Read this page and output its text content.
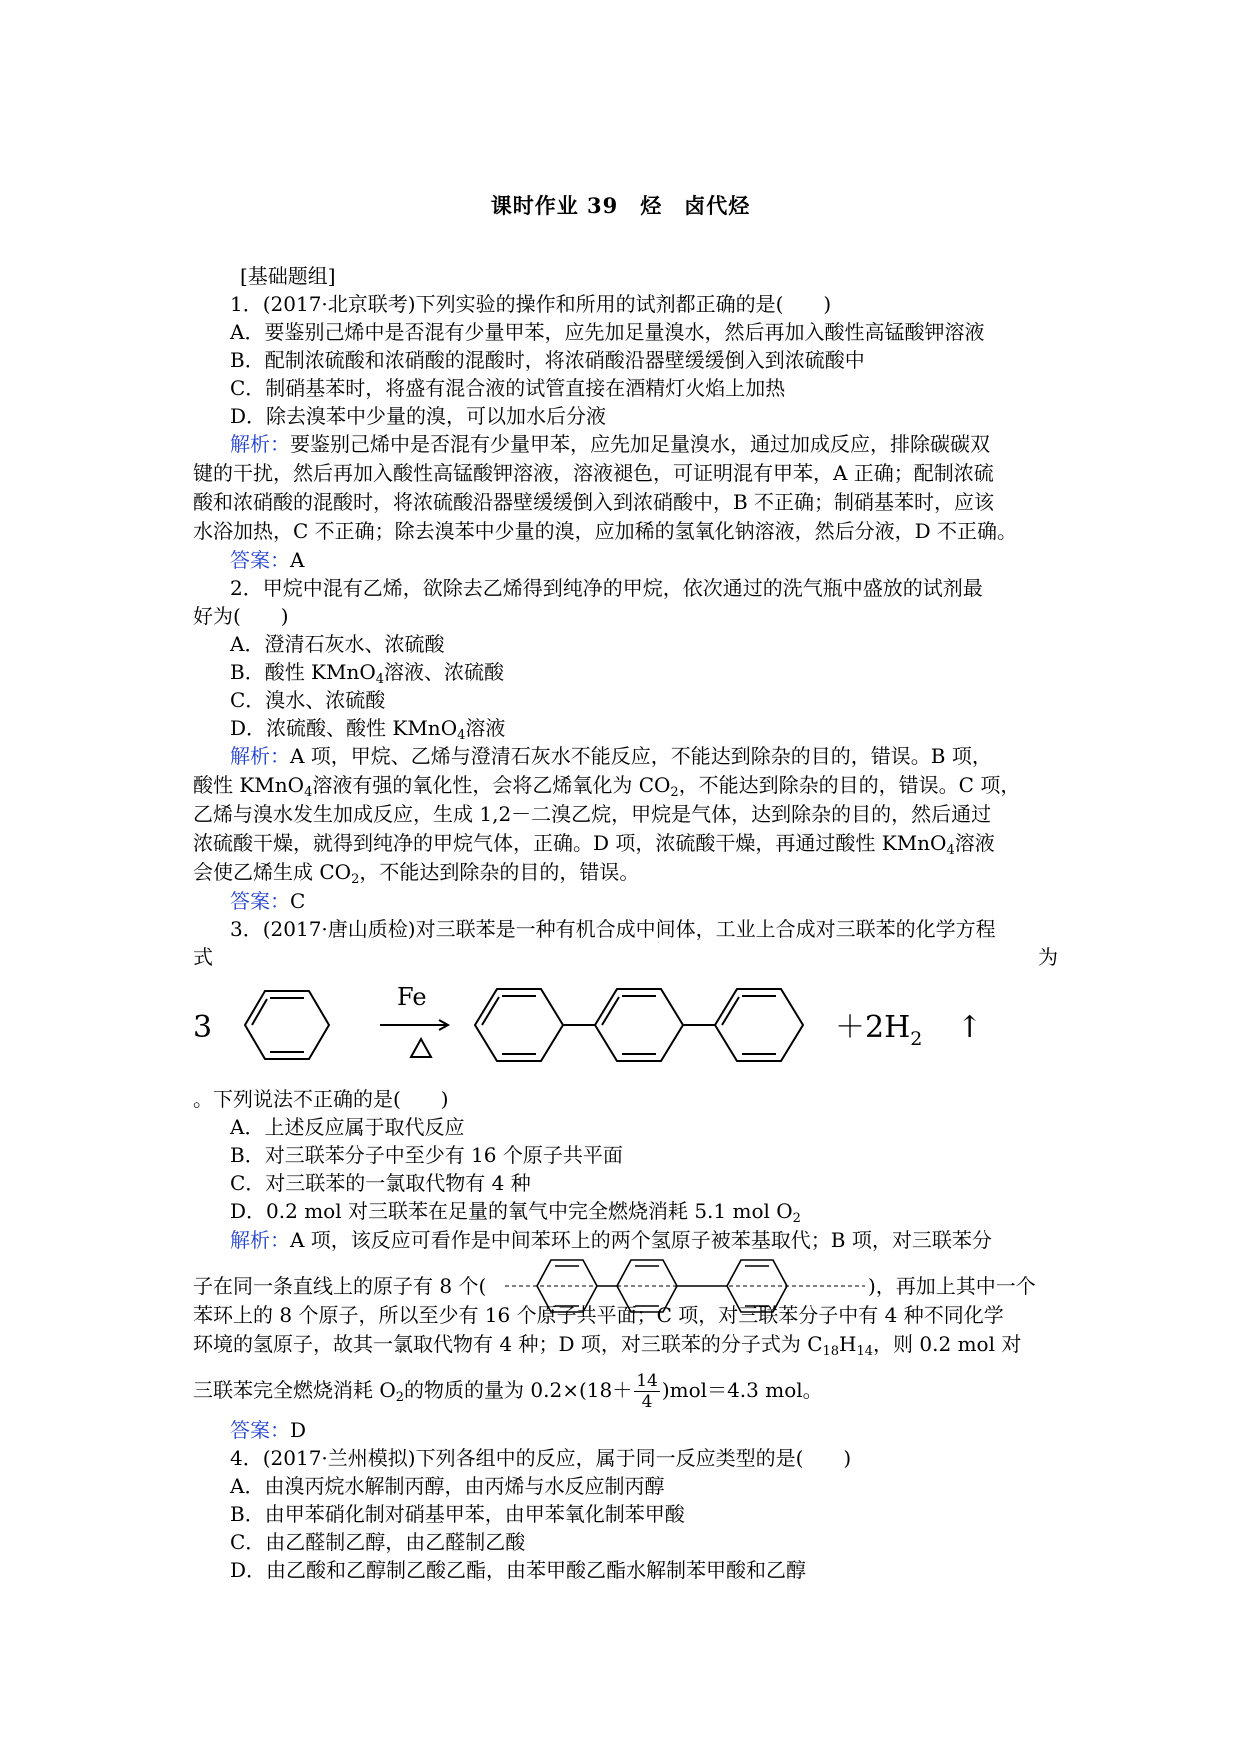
课时作业 39　烃　卤代烃
[基础题组]
1．(2017·北京联考)下列实验的操作和所用的试剂都正确的是(　　)
A．要鉴别己烯中是否混有少量甲苯，应先加足量溴水，然后再加入酸性高锰酸钾溶液
B．配制浓硫酸和浓硝酸的混酸时，将浓硝酸沿器壁缓缓倒入到浓硫酸中
C．制硝基苯时，将盛有混合液的试管直接在酒精灯火焰上加热
D．除去溴苯中少量的溴，可以加水后分液
解析：要鉴别己烯中是否混有少量甲苯，应先加足量溴水，通过加成反应，排除碳碳双
键的干扰，然后再加入酸性高锰酸钾溶液，溶液褪色，可证明混有甲苯，A 正确；配制浓硫
酸和浓硝酸的混酸时，将浓硫酸沿器壁缓缓倒入到浓硝酸中，B 不正确；制硝基苯时，应该
水浴加热，C 不正确；除去溴苯中少量的溴，应加稀的氢氧化钠溶液，然后分液，D 不正确。
答案：A
2．甲烷中混有乙烯，欲除去乙烯得到纯净的甲烷，依次通过的洗气瓶中盛放的试剂最
好为(　　)
A．澄清石灰水、浓硫酸
B．酸性 KMnO$_4$溶液、浓硫酸
C．溴水、浓硫酸
D．浓硫酸、酸性 KMnO$_4$溶液
解析：A 项，甲烷、乙烯与澄清石灰水不能反应，不能达到除杂的目的，错误。B 项，
酸性 KMnO$_4$溶液有强的氧化性，会将乙烯氧化为 $CO_2$，不能达到除杂的目的，错误。C 项，
乙烯与溴水发生加成反应，生成 1,2－二溴乙烷，甲烷是气体，达到除杂的目的，然后通过
浓硫酸干燥，就得到纯净的甲烷气体，正确。D 项，浓硫酸干燥，再通过酸性 KMnO$_4$溶液
会使乙烯生成 $CO_2$，不能达到除杂的目的，错误。
答案：C
3．(2017·唐山质检)对三联苯是一种有机合成中间体，工业上合成对三联苯的化学方程
式	为
3
Fe
$+2H_2$ ↑
。下列说法不正确的是(　　)
A．上述反应属于取代反应
B．对三联苯分子中至少有 16 个原子共平面
C．对三联苯的一氯取代物有 4 种
D．0.2 mol 对三联苯在足量的氧气中完全燃烧消耗 5.1 mol $O_2$
解析：A 项，该反应可看作是中间苯环上的两个氢原子被苯基取代；B 项，对三联苯分
子在同一条直线上的原子有 8 个(	)，再加上其中一个
苯环上的 8 个原子，所以至少有 16 个原子共平面；C 项，对三联苯分子中有 4 种不同化学
环境的氢原子，故其一氯取代物有 4 种；D 项，对三联苯的分子式为 $C_{18}H_{14}$，则 0.2 mol 对
三联苯完全燃烧消耗 $O_2$的物质的量为 $0.2\times(18+ \frac{14}{4} )mol=4.3$ mol。
答案：D
4．(2017·兰州模拟)下列各组中的反应，属于同一反应类型的是(　　)
A．由溴丙烷水解制丙醇，由丙烯与水反应制丙醇
B．由甲苯硝化制对硝基甲苯，由甲苯氧化制苯甲酸
C．由乙醛制乙醇，由乙醛制乙酸
D．由乙酸和乙醇制乙酸乙酯，由苯甲酸乙酯水解制苯甲酸和乙醇
